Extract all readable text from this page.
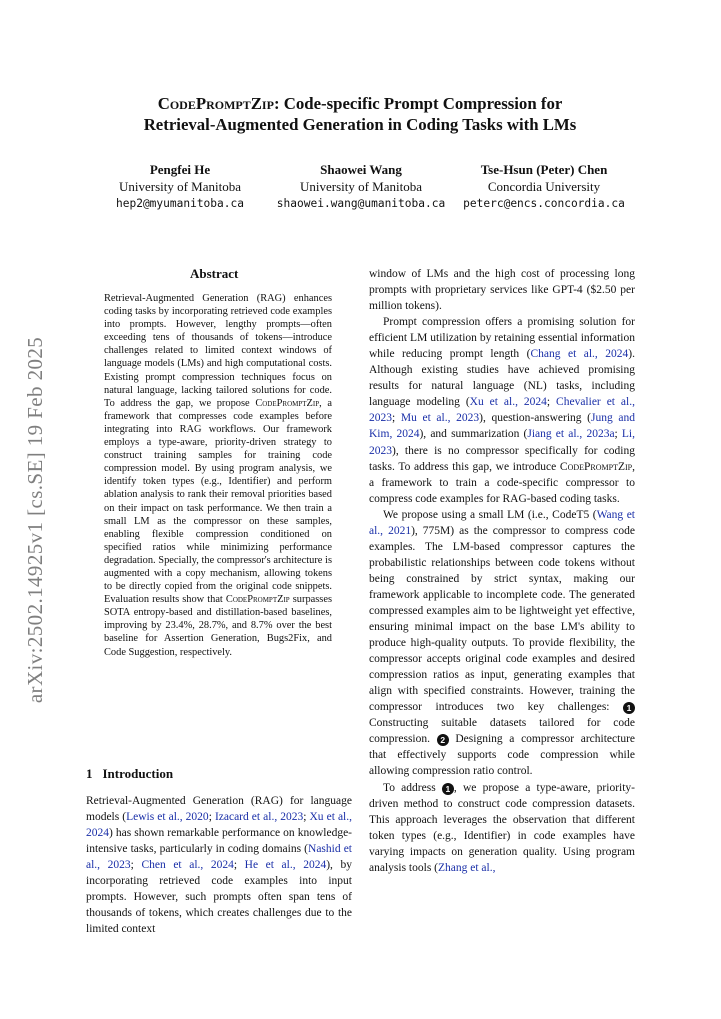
arXiv:2502.14925v1 [cs.SE] 19 Feb 2025
CodePromptZip: Code-specific Prompt Compression for
Retrieval-Augmented Generation in Coding Tasks with LMs
Pengfei He
University of Manitoba
hep2@myumanitoba.ca
Shaowei Wang
University of Manitoba
shaowei.wang@umanitoba.ca
Tse-Hsun (Peter) Chen
Concordia University
peterc@encs.concordia.ca
Abstract
Retrieval-Augmented Generation (RAG) enhances coding tasks by incorporating retrieved code examples into prompts. However, lengthy prompts—often exceeding tens of thousands of tokens—introduce challenges related to limited context windows of language models (LMs) and high computational costs. Existing prompt compression techniques focus on natural language, lacking tailored solutions for code. To address the gap, we propose CodePromptZip, a framework that compresses code examples before integrating into RAG workflows. Our framework employs a type-aware, priority-driven strategy to construct training samples for training code compression model. By using program analysis, we identify token types (e.g., Identifier) and perform ablation analysis to rank their removal priorities based on their impact on task performance. We then train a small LM as the compressor on these samples, enabling flexible compression conditioned on specified ratios while minimizing performance degradation. Specially, the compressor's architecture is augmented with a copy mechanism, allowing tokens to be directly copied from the original code snippets. Evaluation results show that CodePromptZip surpasses SOTA entropy-based and distillation-based baselines, improving by 23.4%, 28.7%, and 8.7% over the best baseline for Assertion Generation, Bugs2Fix, and Code Suggestion, respectively.
1 Introduction

Retrieval-Augmented Generation (RAG) for language models (Lewis et al., 2020; Izacard et al., 2023; Xu et al., 2024) has shown remarkable performance on knowledge-intensive tasks, particularly in coding domains (Nashid et al., 2023; Chen et al., 2024; He et al., 2024), by incorporating retrieved code examples into input prompts. However, such prompts often span tens of thousands of tokens, which creates challenges due to the limited context

window of LMs and the high cost of processing long prompts with proprietary services like GPT-4 ($2.50 per million tokens).

Prompt compression offers a promising solution for efficient LM utilization by retaining essential information while reducing prompt length (Chang et al., 2024). Although existing studies have achieved promising results for natural language (NL) tasks, including language modeling (Xu et al., 2024; Chevalier et al., 2023; Mu et al., 2023), question-answering (Jung and Kim, 2024), and summarization (Jiang et al., 2023a; Li, 2023), there is no compressor specifically for coding tasks. To address this gap, we introduce CodePromptZip, a framework to train a code-specific compressor to compress code examples for RAG-based coding tasks.

We propose using a small LM (i.e., CodeT5 (Wang et al., 2021), 775M) as the compressor to compress code examples. The LM-based compressor captures the probabilistic relationships between code tokens without being constrained by strict syntax, making our framework applicable to incomplete code. The generated compressed examples aim to be lightweight yet effective, ensuring minimal impact on the base LM's ability to produce high-quality outputs. To provide flexibility, the compressor accepts original code examples and desired compression ratios as input, generating examples that align with specified constraints. However, training the compressor introduces two key challenges: 1 Constructing suitable datasets tailored for code compression. 2 Designing a compressor architecture that effectively supports code compression while allowing compression ratio control.

To address 1 , we propose a type-aware, priority-driven method to construct code compression datasets. This approach leverages the observation that different token types (e.g., Identifier) in code examples have varying impacts on generation quality. Using program analysis tools (Zhang et al.,
